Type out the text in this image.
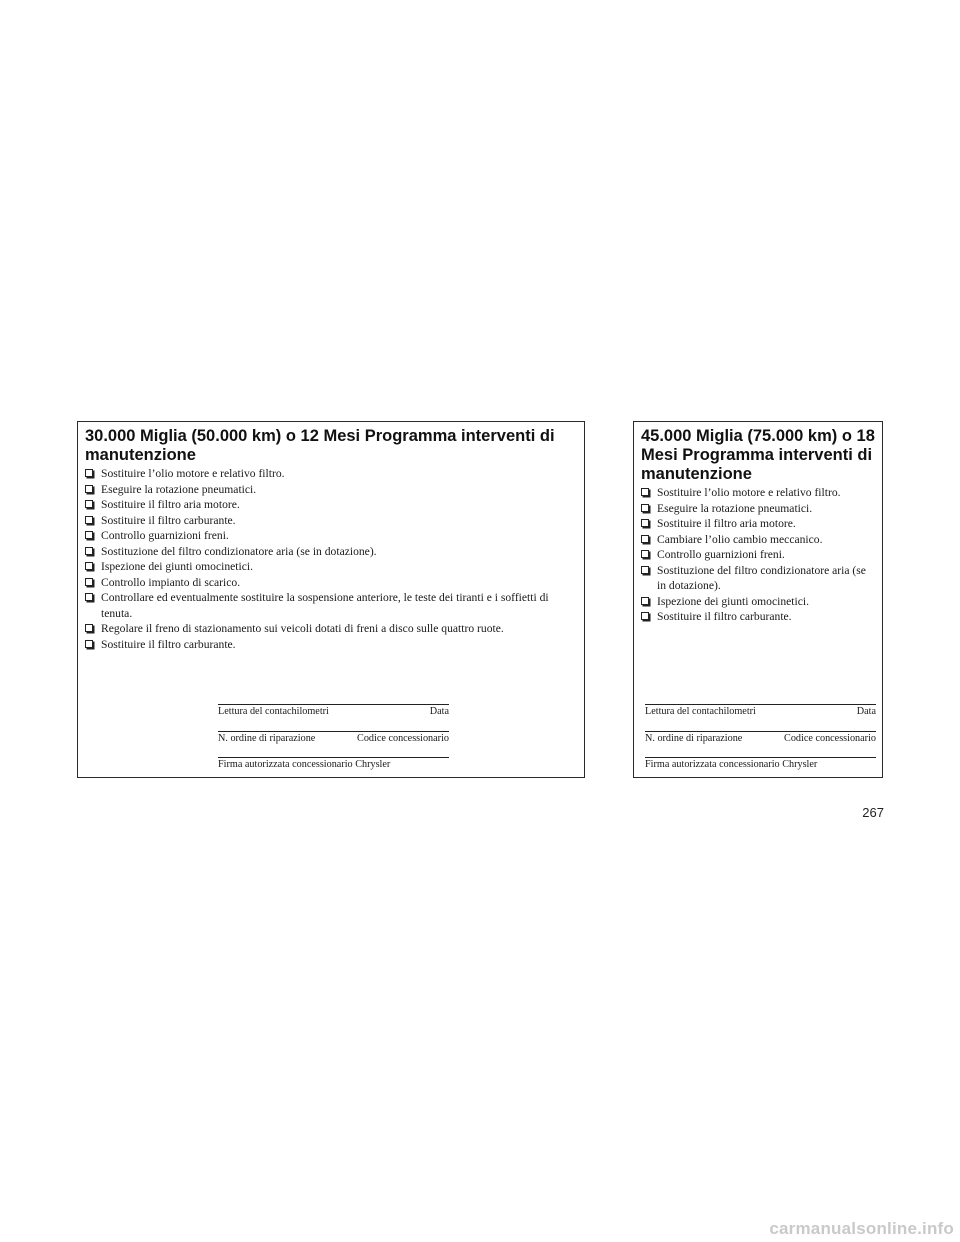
30.000 Miglia (50.000 km) o 12 Mesi Programma interventi di manutenzione
Sostituire l’olio motore e relativo filtro.
Eseguire la rotazione pneumatici.
Sostituire il filtro aria motore.
Sostituire il filtro carburante.
Controllo guarnizioni freni.
Sostituzione del filtro condizionatore aria (se in dotazione).
Ispezione dei giunti omocinetici.
Controllo impianto di scarico.
Controllare ed eventualmente sostituire la sospensione anteriore, le teste dei tiranti e i soffietti di tenuta.
Regolare il freno di stazionamento sui veicoli dotati di freni a disco sulle quattro ruote.
Sostituire il filtro carburante.
Lettura del contachilometri	Data
N. ordine di riparazione	Codice concessionario
Firma autorizzata concessionario Chrysler
45.000 Miglia (75.000 km) o 18 Mesi Programma interventi di manutenzione
Sostituire l’olio motore e relativo filtro.
Eseguire la rotazione pneumatici.
Sostituire il filtro aria motore.
Cambiare l’olio cambio meccanico.
Controllo guarnizioni freni.
Sostituzione del filtro condizionatore aria (se in dotazione).
Ispezione dei giunti omocinetici.
Sostituire il filtro carburante.
Lettura del contachilometri	Data
N. ordine di riparazione	Codice concessionario
Firma autorizzata concessionario Chrysler
267
carmanualsonline.info
